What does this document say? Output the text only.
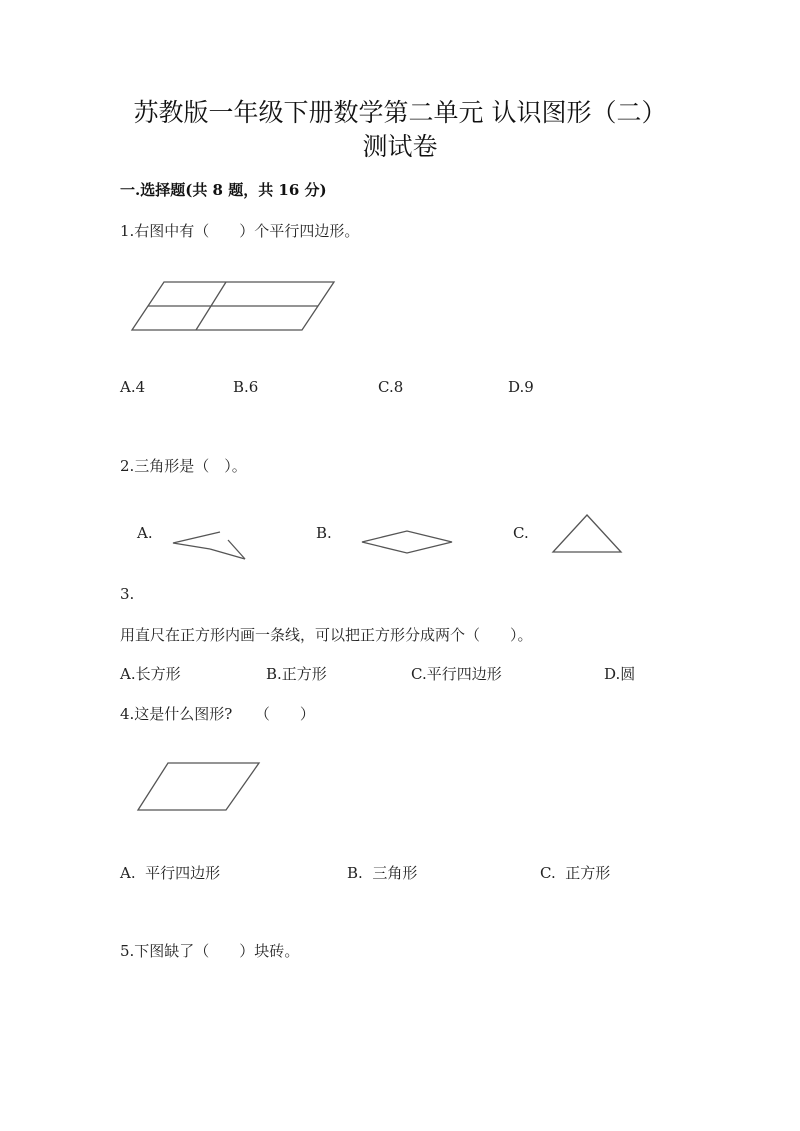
苏教版一年级下册数学第二单元 认识图形（二）
测试卷
一.选择题(共 8 题，共 16 分)
1.右图中有（　　）个平行四边形。
A.4	B.6	C.8	D.9
2.三角形是（　）。
A.	B.	C.
3.
用直尺在正方形内画一条线，可以把正方形分成两个（　　）。
A.长方形	B.正方形	C.平行四边形	D.圆
4.这是什么图形?　　（　　）
A.  平行四边形	B.  三角形	C.  正方形
5.下图缺了（　　）块砖。
